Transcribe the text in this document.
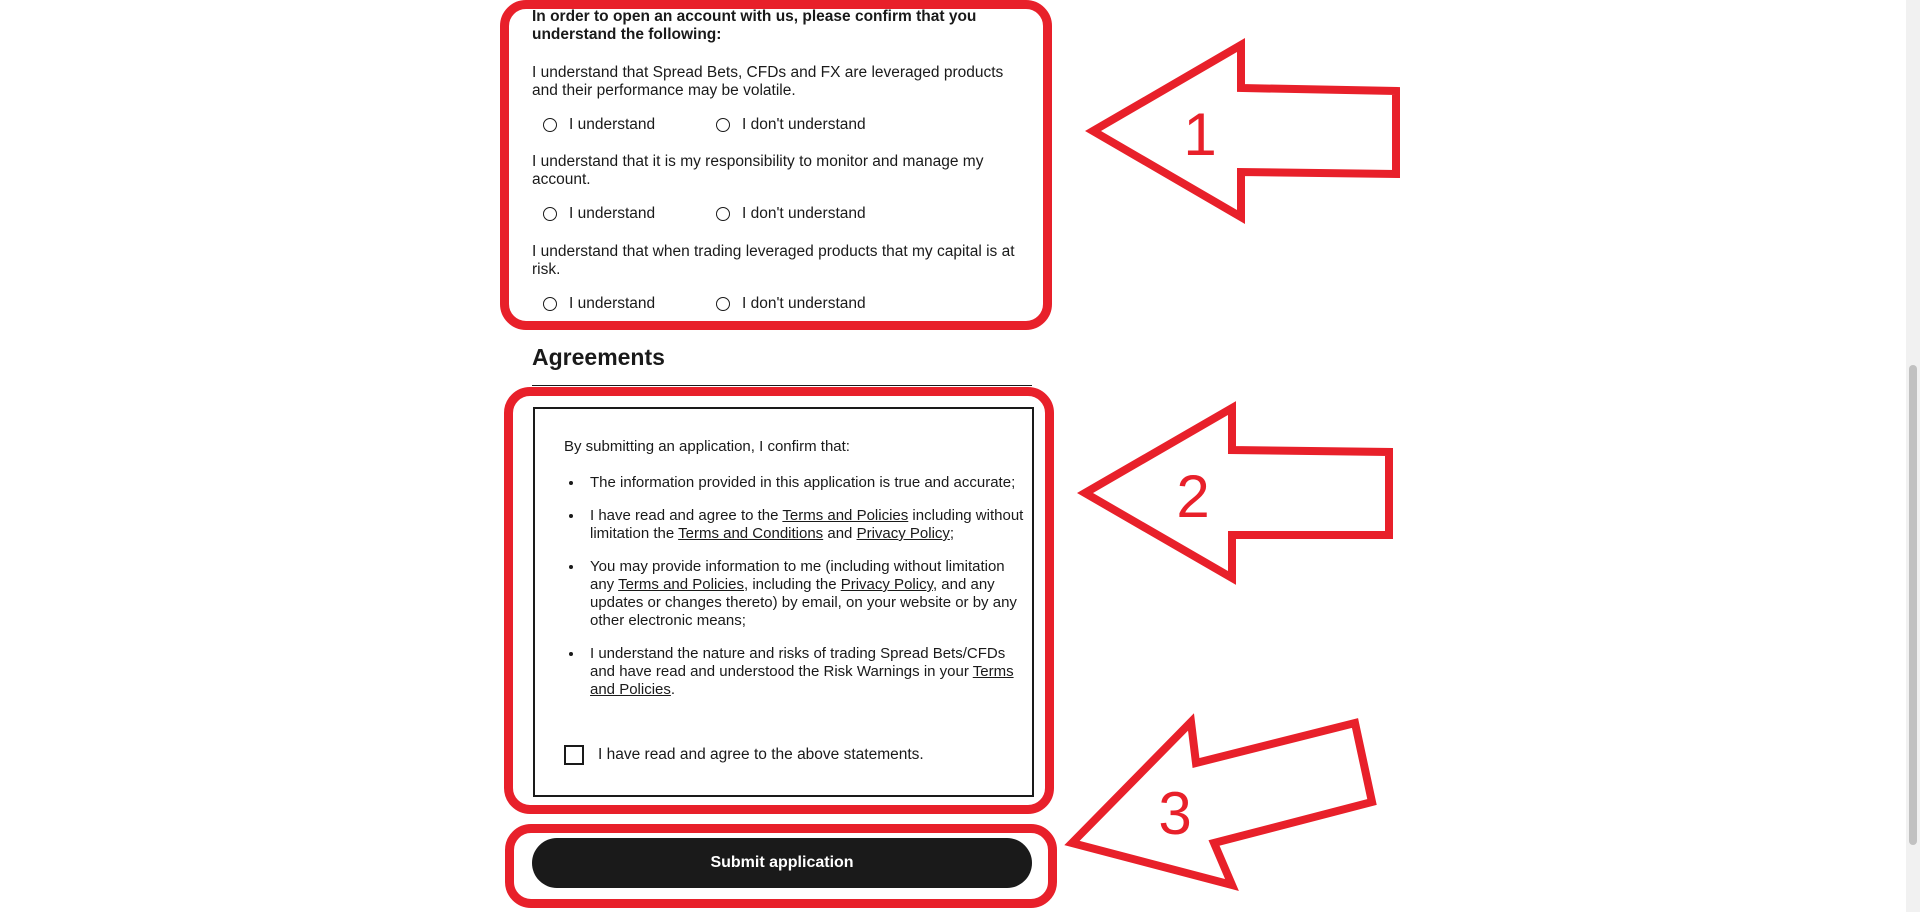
In order to open an account with us, please confirm that you understand the following:
I understand that Spread Bets, CFDs and FX are leveraged products and their performance may be volatile.
I understand	I don't understand
I understand that it is my responsibility to monitor and manage my account.
I understand	I don't understand
I understand that when trading leveraged products that my capital is at risk.
I understand	I don't understand
Agreements
By submitting an application, I confirm that:
• The information provided in this application is true and accurate;
• I have read and agree to the Terms and Policies including without limitation the Terms and Conditions and Privacy Policy;
• You may provide information to me (including without limitation any Terms and Policies, including the Privacy Policy, and any updates or changes thereto) by email, on your website or by any other electronic means;
• I understand the nature and risks of trading Spread Bets/CFDs and have read and understood the Risk Warnings in your Terms and Policies.
I have read and agree to the above statements.
Submit application
1
2
3
